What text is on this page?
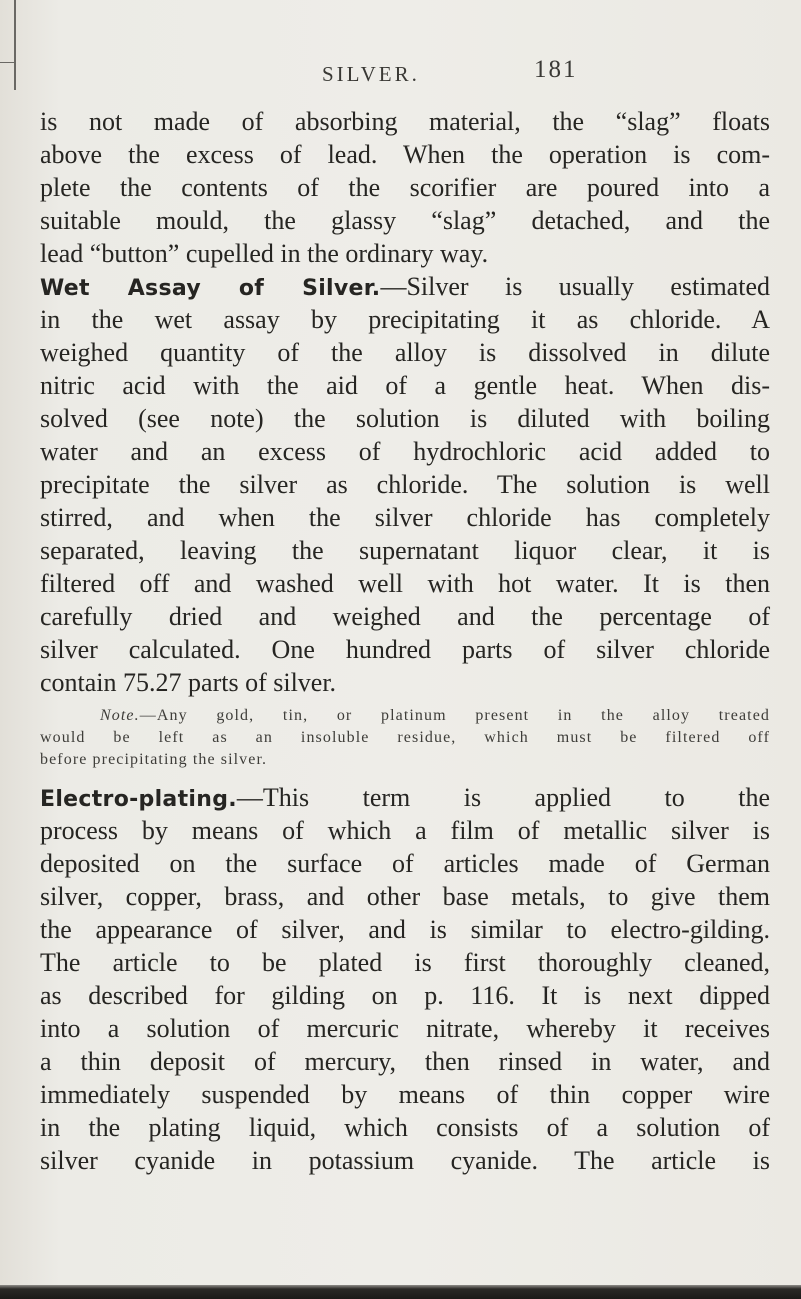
SILVER.	181
is not made of absorbing material, the “slag” floats
above the excess of lead. When the operation is com-
plete the contents of the scorifier are poured into a
suitable mould, the glassy “slag” detached, and the
lead “button” cupelled in the ordinary way.
Wet Assay of Silver.—Silver is usually estimated
in the wet assay by precipitating it as chloride. A
weighed quantity of the alloy is dissolved in dilute
nitric acid with the aid of a gentle heat. When dis-
solved (see note) the solution is diluted with boiling
water and an excess of hydrochloric acid added to
precipitate the silver as chloride. The solution is well
stirred, and when the silver chloride has completely
separated, leaving the supernatant liquor clear, it is
filtered off and washed well with hot water. It is then
carefully dried and weighed and the percentage of
silver calculated. One hundred parts of silver chloride
contain 75.27 parts of silver.
Note.—Any gold, tin, or platinum present in the alloy treated
would be left as an insoluble residue, which must be filtered off
before precipitating the silver.
Electro-plating.—This term is applied to the
process by means of which a film of metallic silver is
deposited on the surface of articles made of German
silver, copper, brass, and other base metals, to give them
the appearance of silver, and is similar to electro-gilding.
The article to be plated is first thoroughly cleaned,
as described for gilding on p. 116. It is next dipped
into a solution of mercuric nitrate, whereby it receives
a thin deposit of mercury, then rinsed in water, and
immediately suspended by means of thin copper wire
in the plating liquid, which consists of a solution of
silver cyanide in potassium cyanide. The article is
